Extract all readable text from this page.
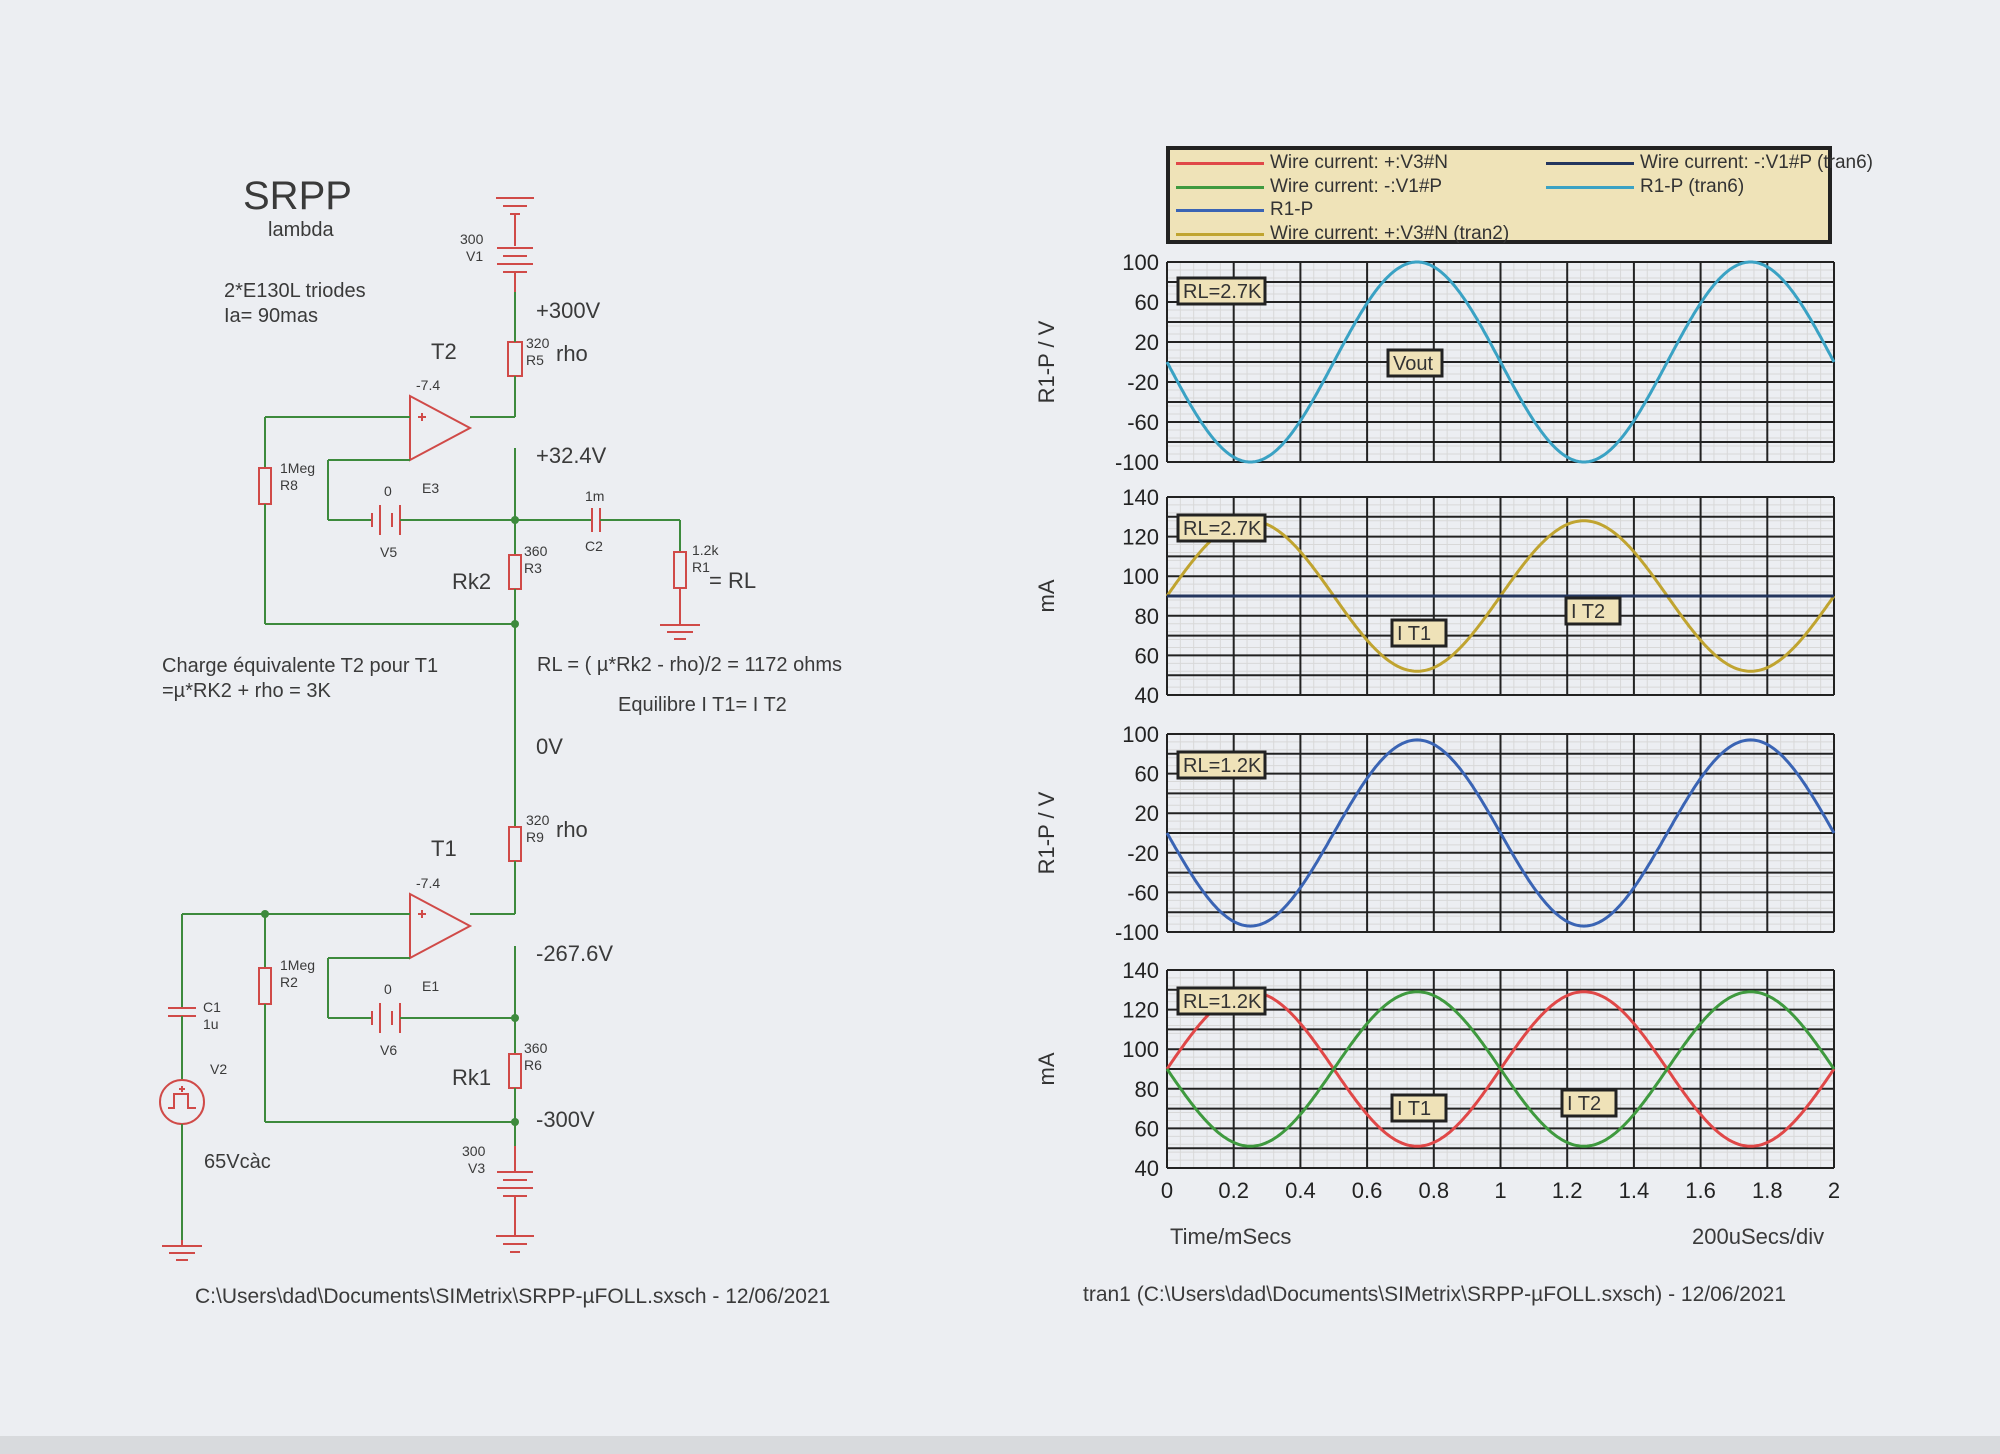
SRPP
lambda
2*E130L triodes
Ia= 90mas
T2
T1
+300V
+32.4V
0V
-267.6V
-300V
rho
rho
Rk2
Rk1
= RL
Charge équivalente T2 pour T1
=µ*RK2 + rho = 3K
RL = ( µ*Rk2 - rho)/2 = 1172 ohms
Equilibre I T1= I T2
65Vcàc
C:\Users\dad\Documents\SIMetrix\SRPP-µFOLL.sxsch - 12/06/2021
300
V1
320
R5
-7.4
E3
1Meg
R8	0
V5
1m
C2
360
R3
1.2k
R1
320
R9
-7.4
E1
1Meg
R2	0
V6
C1
1u
V2
360
R6
300
V3
Wire current: +:V3#N
Wire current: -:V1#P
R1-P
Wire current: +:V3#N (tran2)
Wire current: -:V1#P (tran6)
R1-P (tran6)
100
60
20
-20
-60
-100
R1-P / V
RL=2.7K
Vout
140
120
100
80
60
40
mA
RL=2.7K
I T1
I T2
100
60
20
-20
-60
-100
R1-P / V
RL=1.2K
140
120
100
80
60
40
mA
0 0.2 0.4 0.6 0.8 1 1.2 1.4 1.6 1.8 2
RL=1.2K
I T1	I T2
Time/mSecs	200uSecs/div
tran1 (C:\Users\dad\Documents\SIMetrix\SRPP-µFOLL.sxsch) - 12/06/2021
